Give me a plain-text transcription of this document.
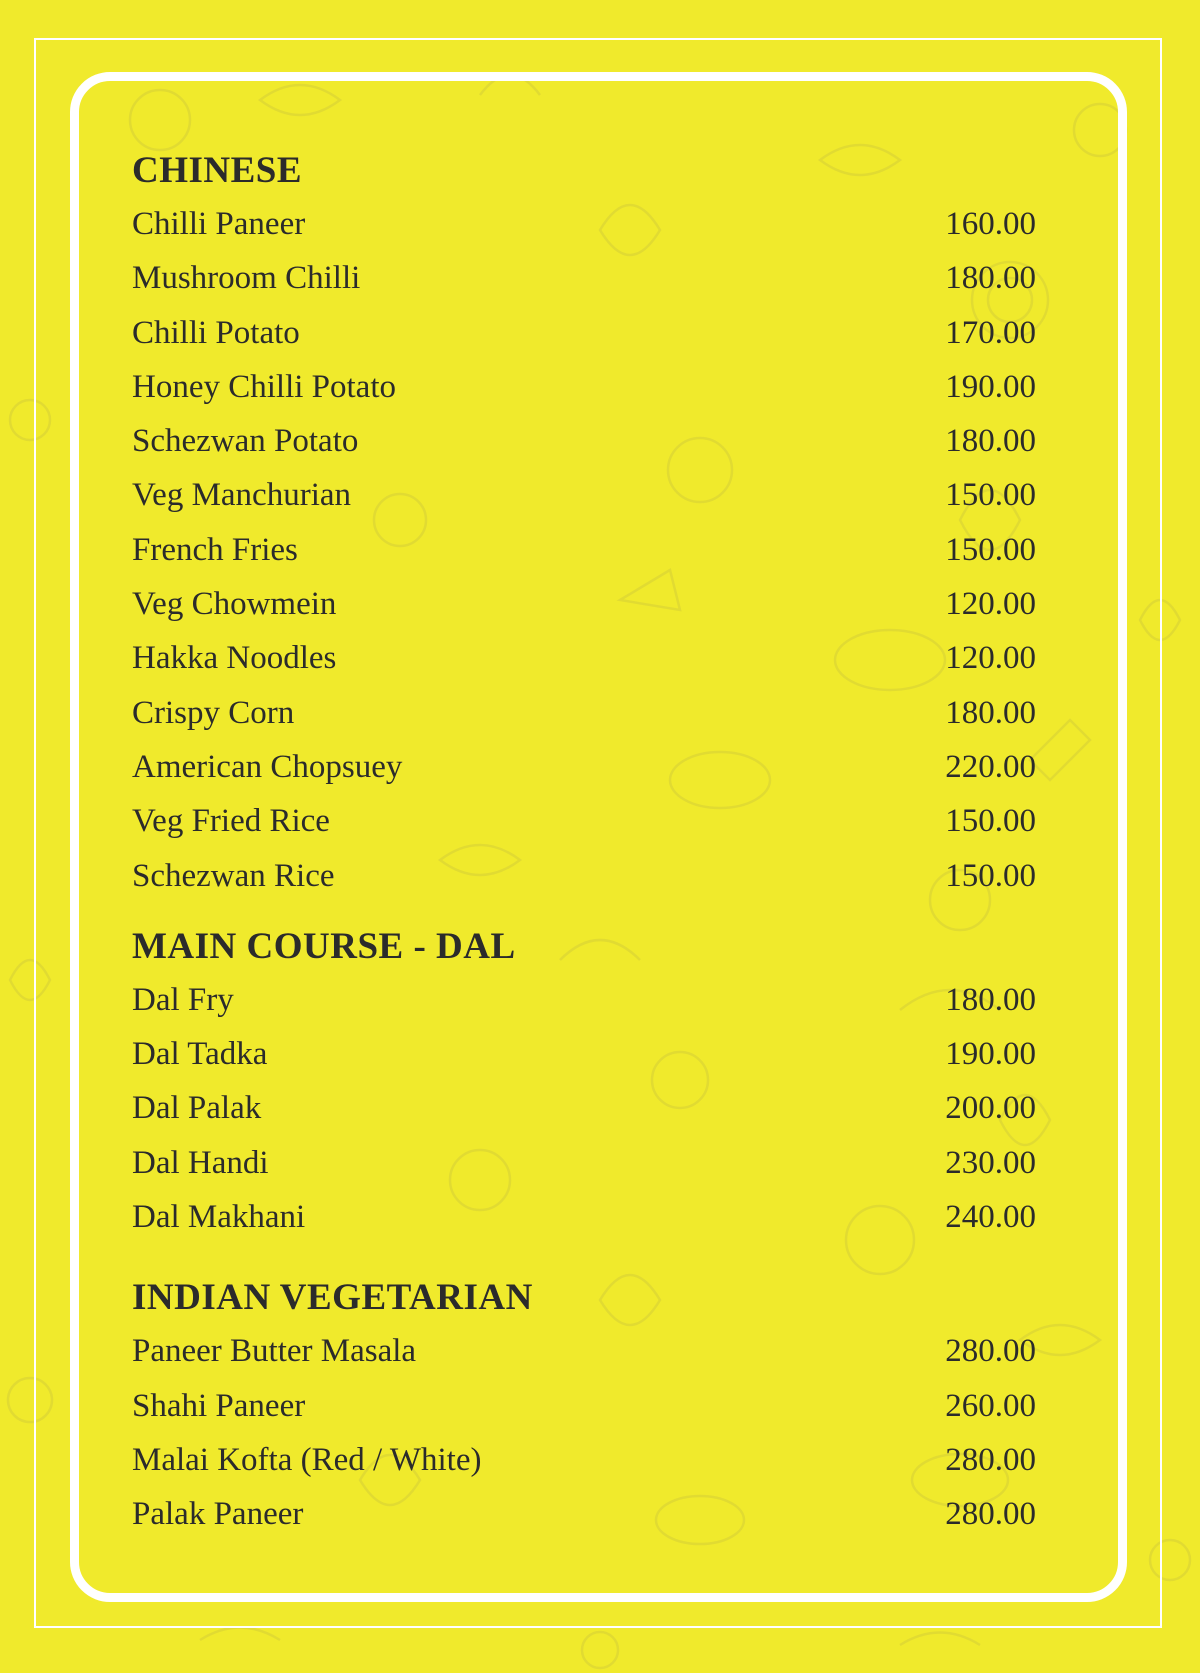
CHINESE
Chilli Paneer	160.00
Mushroom Chilli	180.00
Chilli Potato	170.00
Honey Chilli Potato	190.00
Schezwan Potato	180.00
Veg Manchurian	150.00
French Fries	150.00
Veg Chowmein	120.00
Hakka Noodles	120.00
Crispy Corn	180.00
American Chopsuey	220.00
Veg Fried Rice	150.00
Schezwan Rice	150.00
MAIN COURSE - DAL
Dal Fry	180.00
Dal Tadka	190.00
Dal Palak	200.00
Dal Handi	230.00
Dal Makhani	240.00
INDIAN VEGETARIAN
Paneer Butter Masala	280.00
Shahi Paneer	260.00
Malai Kofta (Red / White)	280.00
Palak Paneer	280.00
